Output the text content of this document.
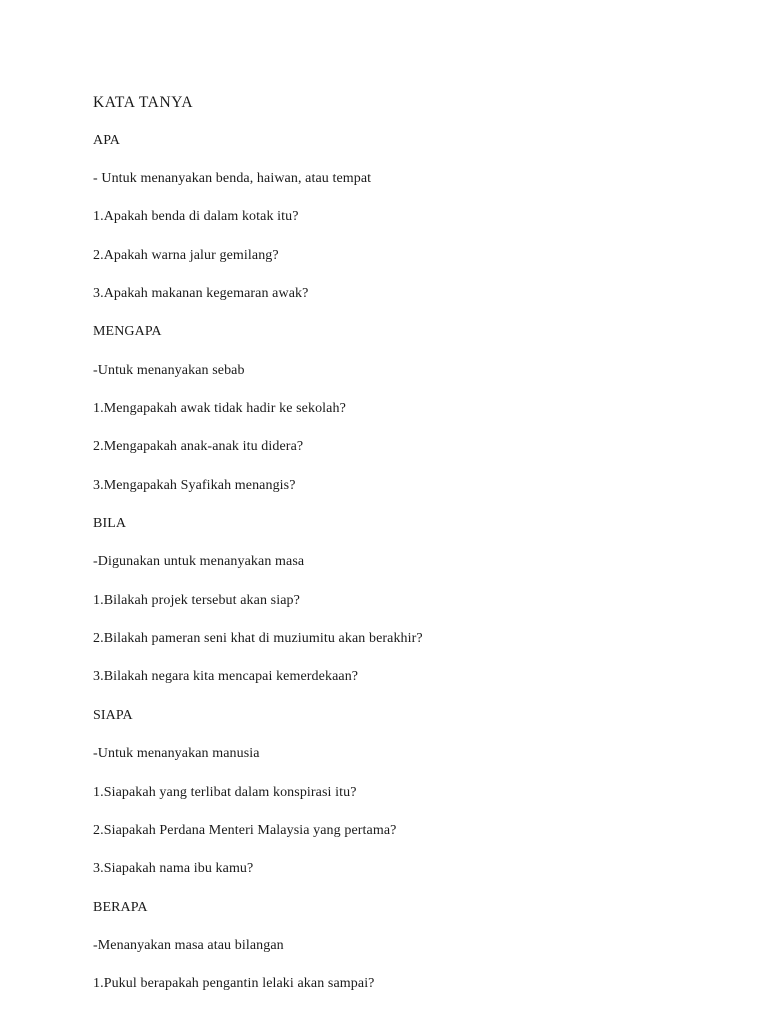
KATA TANYA
APA
- Untuk menanyakan benda, haiwan, atau tempat
1.Apakah benda di dalam kotak itu?
2.Apakah warna jalur gemilang?
3.Apakah makanan kegemaran awak?
MENGAPA
-Untuk menanyakan sebab
1.Mengapakah awak tidak hadir ke sekolah?
2.Mengapakah anak-anak itu didera?
3.Mengapakah Syafikah menangis?
BILA
-Digunakan untuk menanyakan masa
1.Bilakah projek tersebut akan siap?
2.Bilakah pameran seni khat di muziumitu akan berakhir?
3.Bilakah negara kita mencapai kemerdekaan?
SIAPA
-Untuk menanyakan manusia
1.Siapakah yang terlibat dalam konspirasi itu?
2.Siapakah Perdana Menteri Malaysia yang pertama?
3.Siapakah nama ibu kamu?
BERAPA
-Menanyakan masa atau bilangan
1.Pukul berapakah pengantin lelaki akan sampai?
